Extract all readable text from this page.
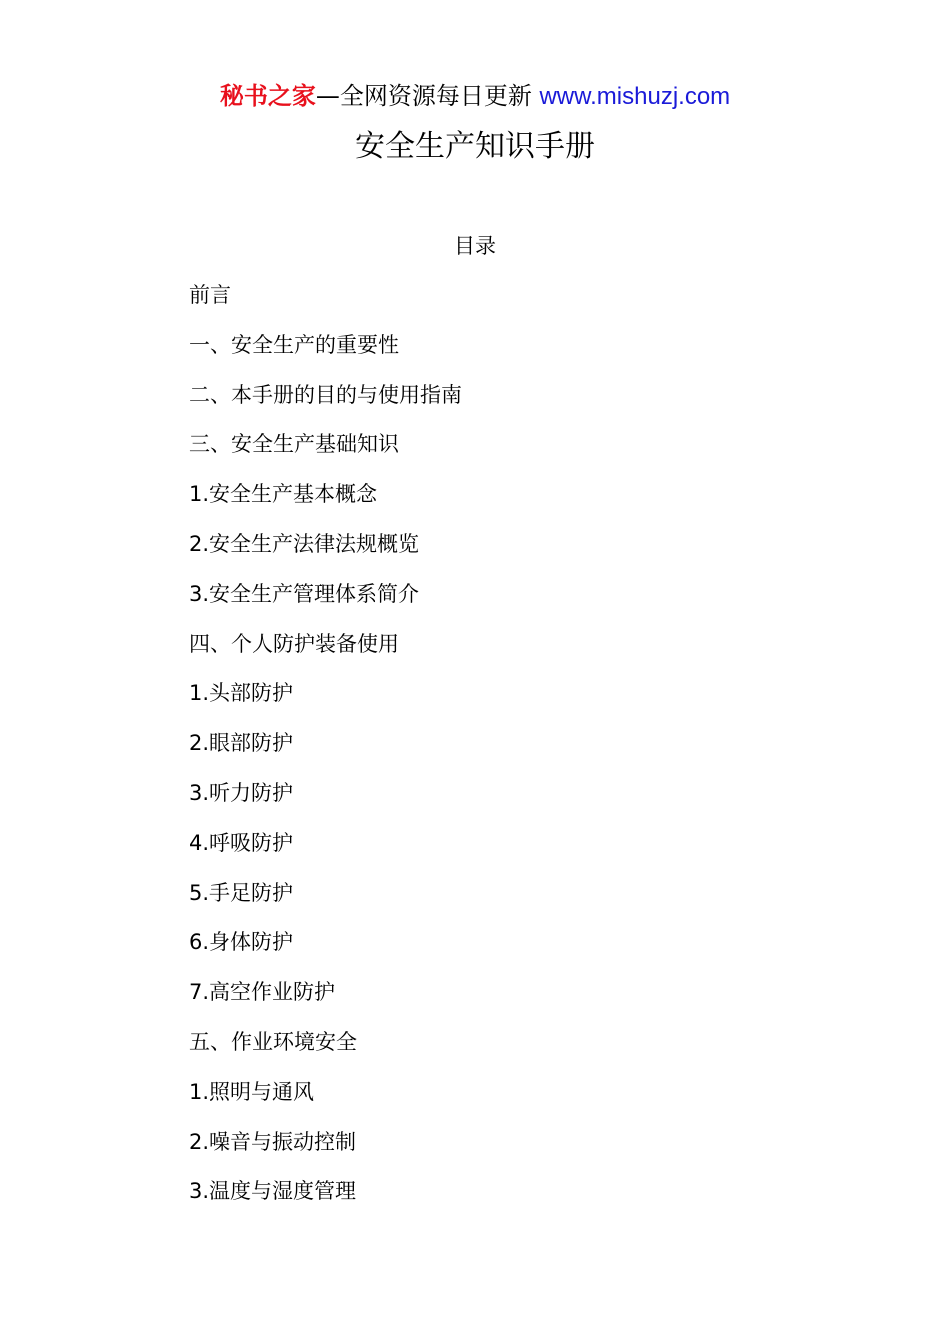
秘书之家—全网资源每日更新 www.mishuzj.com
安全生产知识手册
目录
前言
一、安全生产的重要性
二、本手册的目的与使用指南
三、安全生产基础知识
1.安全生产基本概念
2.安全生产法律法规概览
3.安全生产管理体系简介
四、个人防护装备使用
1.头部防护
2.眼部防护
3.听力防护
4.呼吸防护
5.手足防护
6.身体防护
7.高空作业防护
五、作业环境安全
1.照明与通风
2.噪音与振动控制
3.温度与湿度管理
